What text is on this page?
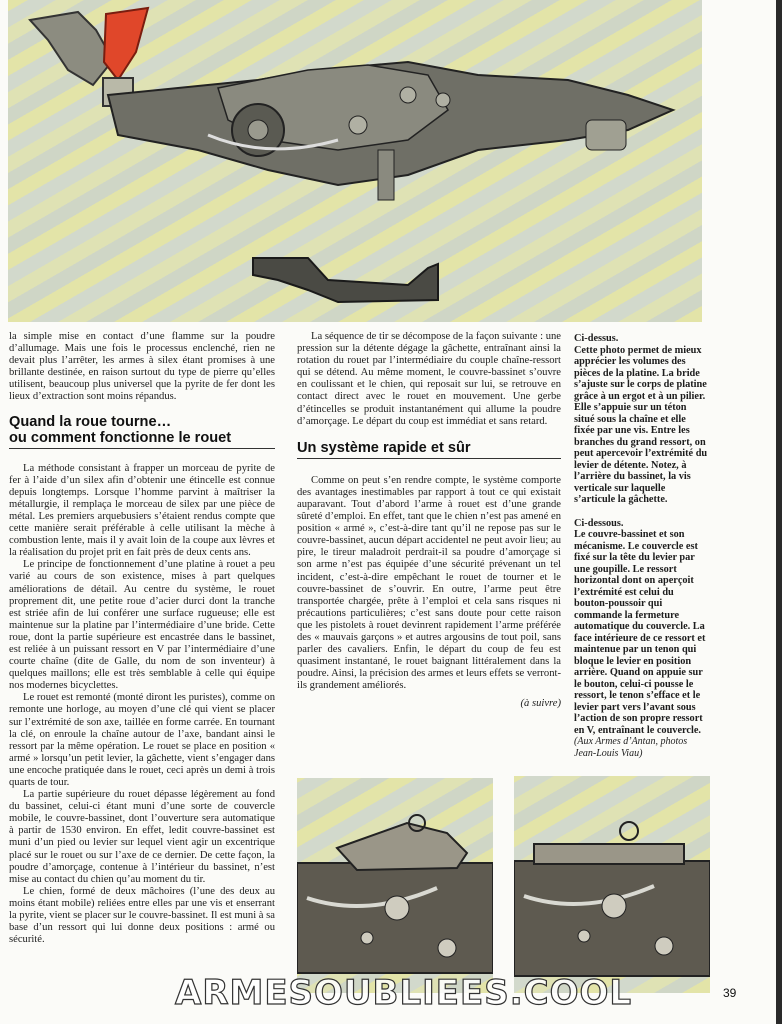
la simple mise en contact d’une flamme sur la poudre d’allumage. Mais une fois le processus enclenché, rien ne devait plus l’arrêter, les armes à silex étant promises à une brillante destinée, en raison surtout du type de pierre qu’elles utilisent, beaucoup plus universel que la pyrite de fer dont les lieux d’extraction sont moins répandus.

Quand la roue tourne…
ou comment fonctionne le rouet

La méthode consistant à frapper un morceau de pyrite de fer à l’aide d’un silex afin d’obtenir une étincelle est connue depuis longtemps. Lorsque l’homme parvint à maîtriser la métallurgie, il remplaça le morceau de silex par une pièce de métal. Les premiers arquebusiers s’étaient rendus compte que cette manière serait préférable à celle utilisant la mèche à combustion lente, mais il y avait loin de la coupe aux lèvres et la réalisation du projet prit en fait près de deux cents ans.

Le principe de fonctionnement d’une platine à rouet a peu varié au cours de son existence, mises à part quelques améliorations de détail. Au centre du système, le rouet proprement dit, une petite roue d’acier durci dont la tranche est striée afin de lui conférer une surface rugueuse; elle est maintenue sur la platine par l’intermédiaire d’une bride. Cette roue, dont la partie supérieure est encastrée dans le bassinet, est reliée à un puissant ressort en V par l’intermédiaire d’une courte chaîne (dite de Galle, du nom de son inventeur) à quelques maillons; elle est très semblable à celle qui équipe nos modernes bicyclettes.

Le rouet est remonté (monté diront les puristes), comme on remonte une horloge, au moyen d’une clé qui vient se placer sur l’extrémité de son axe, taillée en forme carrée. En tournant la clé, on enroule la chaîne autour de l’axe, bandant ainsi le ressort par la même opération. Le rouet se place en position « armé » lorsqu’un petit levier, la gâchette, vient s’engager dans une encoche pratiquée dans le rouet, ceci après un demi à trois quarts de tour.

La partie supérieure du rouet dépasse légèrement au fond du bassinet, celui-ci étant muni d’une sorte de couvercle mobile, le couvre-bassinet, dont l’ouverture sera automatique à partir de 1530 environ. En effet, ledit couvre-bassinet est muni d’un pied ou levier sur lequel vient agir un excentrique placé sur le rouet ou sur l’axe de ce dernier. De cette façon, la poudre d’amorçage, contenue à l’intérieur du bassinet, n’est mise au contact du chien qu’au moment du tir.

Le chien, formé de deux mâchoires (l’une des deux au moins étant mobile) reliées entre elles par une vis et enserrant la pyrite, vient se placer sur le couvre-bassinet. Il est muni à sa base d’un ressort qui lui donne deux positions : armé ou sécurité.

La séquence de tir se décompose de la façon suivante : une pression sur la détente dégage la gâchette, entraînant ainsi la rotation du rouet par l’intermédiaire du couple chaîne-ressort qui se détend. Au même moment, le couvre-bassinet s’ouvre en coulissant et le chien, qui reposait sur lui, se retrouve en contact direct avec le rouet en mouvement. Une gerbe d’étincelles se produit instantanément qui allume la poudre d’amorçage. Le départ du coup est immédiat et sans retard.

Un système rapide et sûr

Comme on peut s’en rendre compte, le système comporte des avantages inestimables par rapport à tout ce qui existait auparavant. Tout d’abord l’arme à rouet est d’une grande sûreté d’emploi. En effet, tant que le chien n’est pas amené en position « armé », c’est-à-dire tant qu’il ne repose pas sur le couvre-bassinet, aucun départ accidentel ne peut avoir lieu; au pire, le tireur maladroit perdrait-il sa poudre d’amorçage si son arme n’est pas équipée d’une sécurité prévenant un tel incident, c’est-à-dire empêchant le rouet de tourner et le couvre-bassinet de s’ouvrir. En outre, l’arme peut être transportée chargée, prête à l’emploi et cela sans risques ni précautions particulières; c’est sans doute pour cette raison que les pistolets à rouet devinrent rapidement l’arme préférée des « mauvais garçons » et autres argousins de tout poil, sans parler des cavaliers. Enfin, le départ du coup de feu est quasiment instantané, le rouet baignant littéralement dans la poudre. Ainsi, la précision des armes et leurs effets se verront-ils grandement améliorés.

(à suivre)

Ci-dessus.

Cette photo permet de mieux apprécier les volumes des pièces de la platine. La bride s’ajuste sur le corps de platine grâce à un ergot et à un pilier. Elle s’appuie sur un téton situé sous la chaîne et elle fixée par une vis. Entre les branches du grand ressort, on peut apercevoir l’extrémité du levier de détente. Notez, à l’arrière du bassinet, la vis verticale sur laquelle s’articule la gâchette.

Ci-dessous.

Le couvre-bassinet et son mécanisme. Le couvercle est fixé sur la tête du levier par une goupille. Le ressort horizontal dont on aperçoit l’extrémité est celui du bouton-poussoir qui commande la fermeture automatique du couvercle. La face intérieure de ce ressort et maintenue par un tenon qui bloque le levier en position arrière. Quand on appuie sur le bouton, celui-ci pousse le ressort, le tenon s’efface et le levier part vers l’avant sous l’action de son propre ressort en V, entraînant le couvercle.

(Aux Armes d’Antan, photos Jean-Louis Viau)

ARMESOUBLIEES.COOL	39
